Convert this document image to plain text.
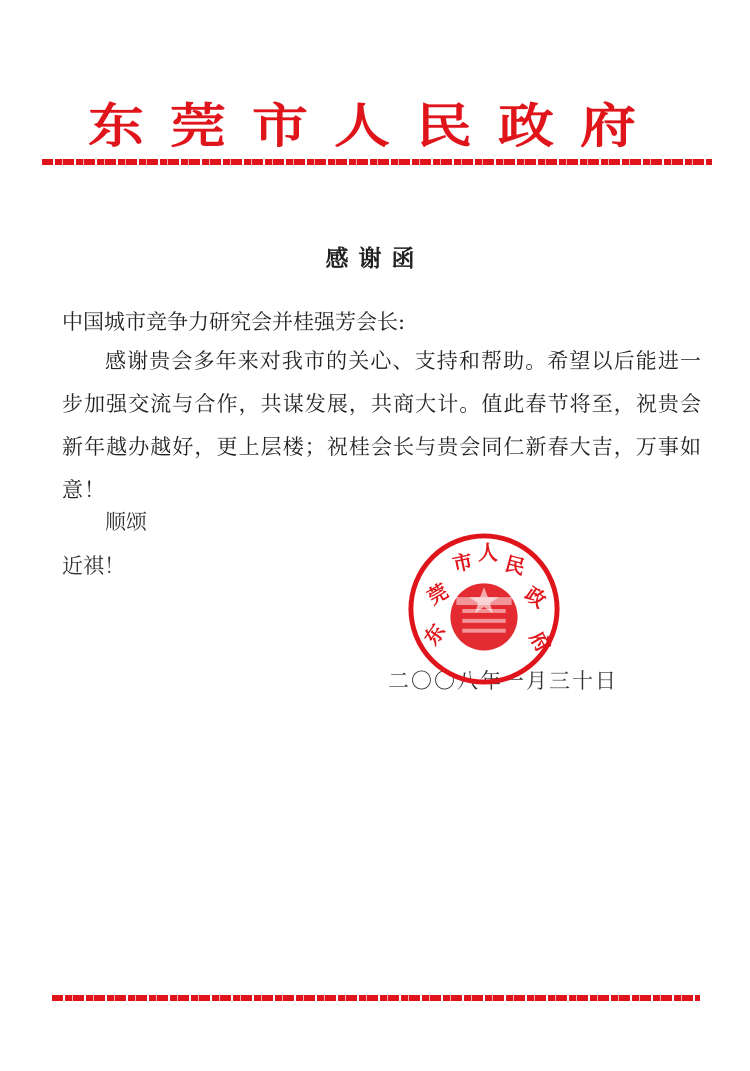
东莞市人民政府
感谢函
中国城市竞争力研究会并桂强芳会长:
感谢贵会多年来对我市的关心、支持和帮助。希望以后能进一步加强交流与合作，共谋发展，共商大计。值此春节将至，祝贵会新年越办越好，更上层楼；祝桂会长与贵会同仁新春大吉，万事如意！
顺颂
近祺！
二〇〇八年一月三十日
东
莞
市 人 民
政
府
